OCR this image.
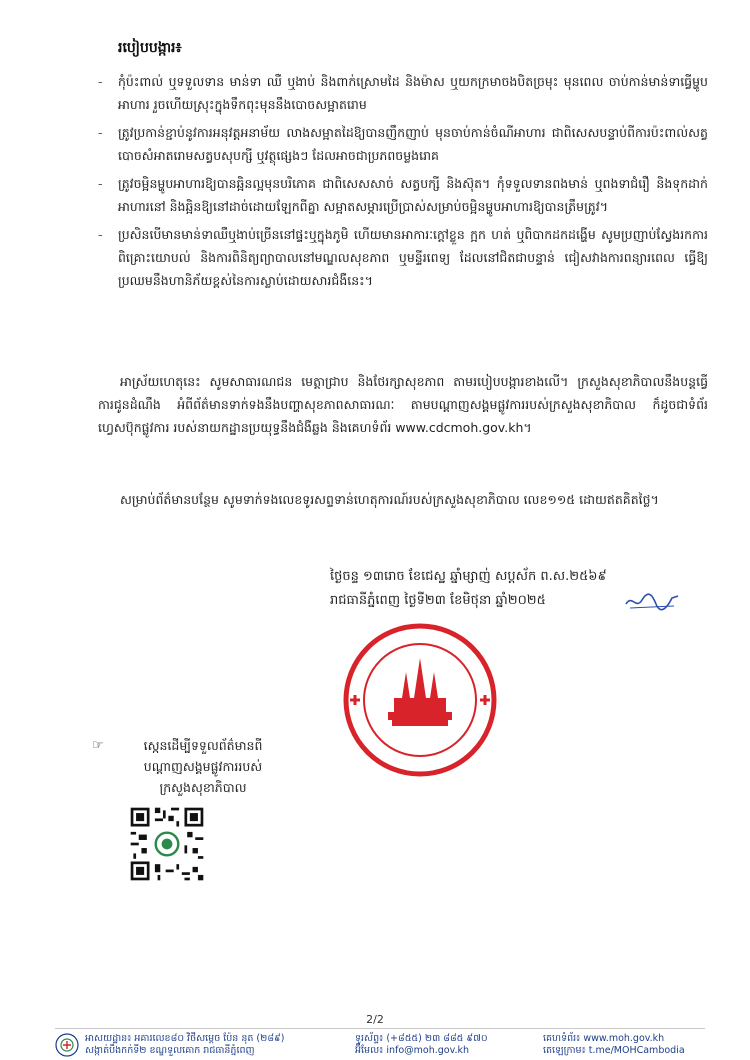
របៀបបង្ការ៖
- កុំប៉ះពាល់ ឬទទួលទាន មាន់ទា ឈឺ ឬងាប់ និងពាក់ស្រោមដៃ និងម៉ាស ឬយកក្រមាចងបិតច្រមុះ មុនពេល ចាប់កាន់មាន់ទាធ្វើម្ហូបអាហារ រួចហើយស្រុះក្នុងទឹកពុះមុននឹងបោចសម្អាតរោម
- ត្រូវប្រកាន់ខ្ជាប់នូវការអនុវត្តអនាម័យ លាងសម្អាតដៃឱ្យបានញឹកញាប់ មុនចាប់កាន់ចំណីអាហារ ជាពិសេសបន្ទាប់ពីការប៉ះពាល់សត្វ បោចសំអាតរោមសត្វបសុបក្សី ឬវត្ថុផ្សេងៗ ដែលអាចជាប្រភពចម្លងរោគ
- ត្រូវចម្អិនម្ហូបអាហារឱ្យបានឆ្អិនល្អមុនបរិភោគ ជាពិសេសសាច់ សត្វបក្សី និងស៊ុត។ កុំទទួលទានពងមាន់ ឬពងទាជំរឿ និងទុកដាក់អាហារនៅ និងឆ្អិនឱ្យនៅដាច់ដោយឡែកពីគ្នា សម្អាតសម្ភារប្រើប្រាស់សម្រាប់ចម្អិនម្ហូបអាហារឱ្យបានត្រឹមត្រូវ។
- ប្រសិនបើមានមាន់ទាឈឺឬងាប់ច្រើននៅផ្ទះឬក្នុងភូមិ ហើយមានអាការៈក្ដៅខ្លួន ក្អក ហត់ ឬពិបាកដកដង្ហើម សូមប្រញាប់ស្វែងរកការពិគ្រោះយោបល់ និងការពិនិត្យព្យាបាលនៅមណ្ឌលសុខភាព ឬមន្ទីរពេទ្យ ដែលនៅជិតជាបន្ទាន់ ជៀសវាងការពន្យារពេល ធ្វើឱ្យប្រឈមនឹងហានិភ័យខ្ពស់នៃការស្លាប់ដោយសារជំងឺនេះ។
អាស្រ័យហេតុនេះ សូមសាធារណជន មេត្តាជ្រាប និងថែរក្សាសុខភាព តាមរបៀបបង្ការខាងលើ។ ក្រសួងសុខាភិបាលនឹងបន្តធ្វើការជូនដំណឹង អំពីព័ត៌មានទាក់ទងនឹងបញ្ហាសុខភាពសាធារណៈ តាមបណ្ដាញសង្គមផ្លូវការរបស់ក្រសួងសុខាភិបាល ក៏ដូចជាទំព័រហ្វេសប៊ុកផ្លូវការ របស់នាយកដ្ឋានប្រយុទ្ធនឹងជំងឺឆ្លង និងគេហទំព័រ www.cdcmoh.gov.kh។
សម្រាប់ព័ត៌មានបន្ថែម សូមទាក់ទងលេខទូរសព្ទទាន់ហេតុការណ៍របស់ក្រសួងសុខាភិបាល លេខ១១៥ ដោយឥតគិតថ្លៃ។
ថ្ងៃចន្ទ ១៣រោច ខែជេស្ឋ ឆ្នាំម្សាញ់ សប្តស័ក ព.ស.២៥៦៩
រាជធានីភ្នំពេញ ថ្ងៃទី២៣ ខែមិថុនា ឆ្នាំ២០២៥
☞	ស្កេនដើម្បីទទួលព័ត៌មានពី
បណ្ដាញសង្គមផ្លូវការរបស់
ក្រសួងសុខាភិបាល
2/2
អាសយដ្ឋាន៖ អគារលេខ៨០ វិថីសម្ដេច ប៉ែន នុត (២៨៩)
សង្កាត់បឹងកក់ទី២ ខណ្ឌទួលគោក រាជធានីភ្នំពេញ
ទូរស័ព្ទ៖ (+៨៥៥) ២៣ ៨៨៥ ៩៧០
អ៊ីមែល៖ info@moh.gov.kh
គេហទំព័រ៖ www.moh.gov.kh
តេឡេក្រាម៖ t.me/MOHCambodia
